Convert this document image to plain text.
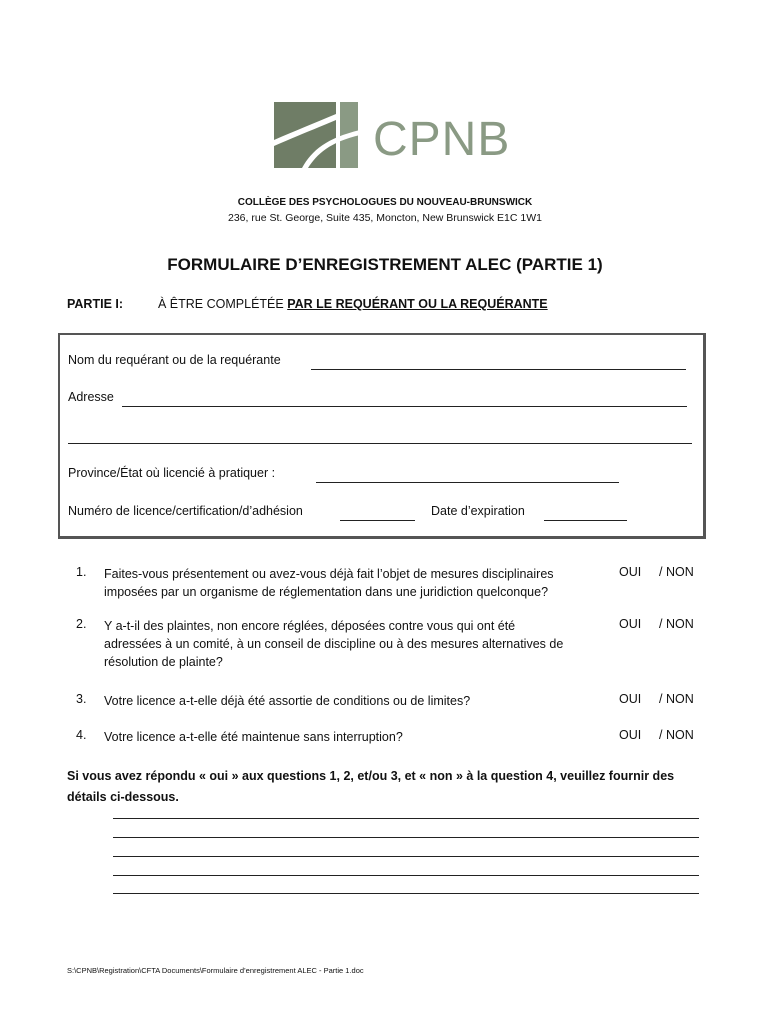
CPNB
COLLÈGE DES PSYCHOLOGUES DU NOUVEAU-BRUNSWICK
236, rue St. George, Suite 435, Moncton, New Brunswick E1C 1W1
FORMULAIRE D’ENREGISTREMENT ALEC (PARTIE 1)
PARTIE I:	À ÊTRE COMPLÉTÉE PAR LE REQUÉRANT OU LA REQUÉRANTE
Nom du requérant ou de la requérante
Adresse
Province/État où licencié à pratiquer :
Numéro de licence/certification/d’adhésion	Date d’expiration
1. Faites-vous présentement ou avez-vous déjà fait l’objet de mesures disciplinaires
imposées par un organisme de réglementation dans une juridiction quelconque?
OUI / NON
2. Y a-t-il des plaintes, non encore réglées, déposées contre vous qui ont été
adressées à un comité, à un conseil de discipline ou à des mesures alternatives de
résolution de plainte?
OUI / NON
3. Votre licence a-t-elle déjà été assortie de conditions ou de limites?	OUI / NON
4. Votre licence a-t-elle été maintenue sans interruption?	OUI / NON
Si vous avez répondu « oui » aux questions 1, 2, et/ou 3, et « non » à la question 4, veuillez fournir des détails ci-dessous.
S:\CPNB\Registration\CFTA Documents\Formulaire d’enregistrement ALEC - Partie 1.doc
